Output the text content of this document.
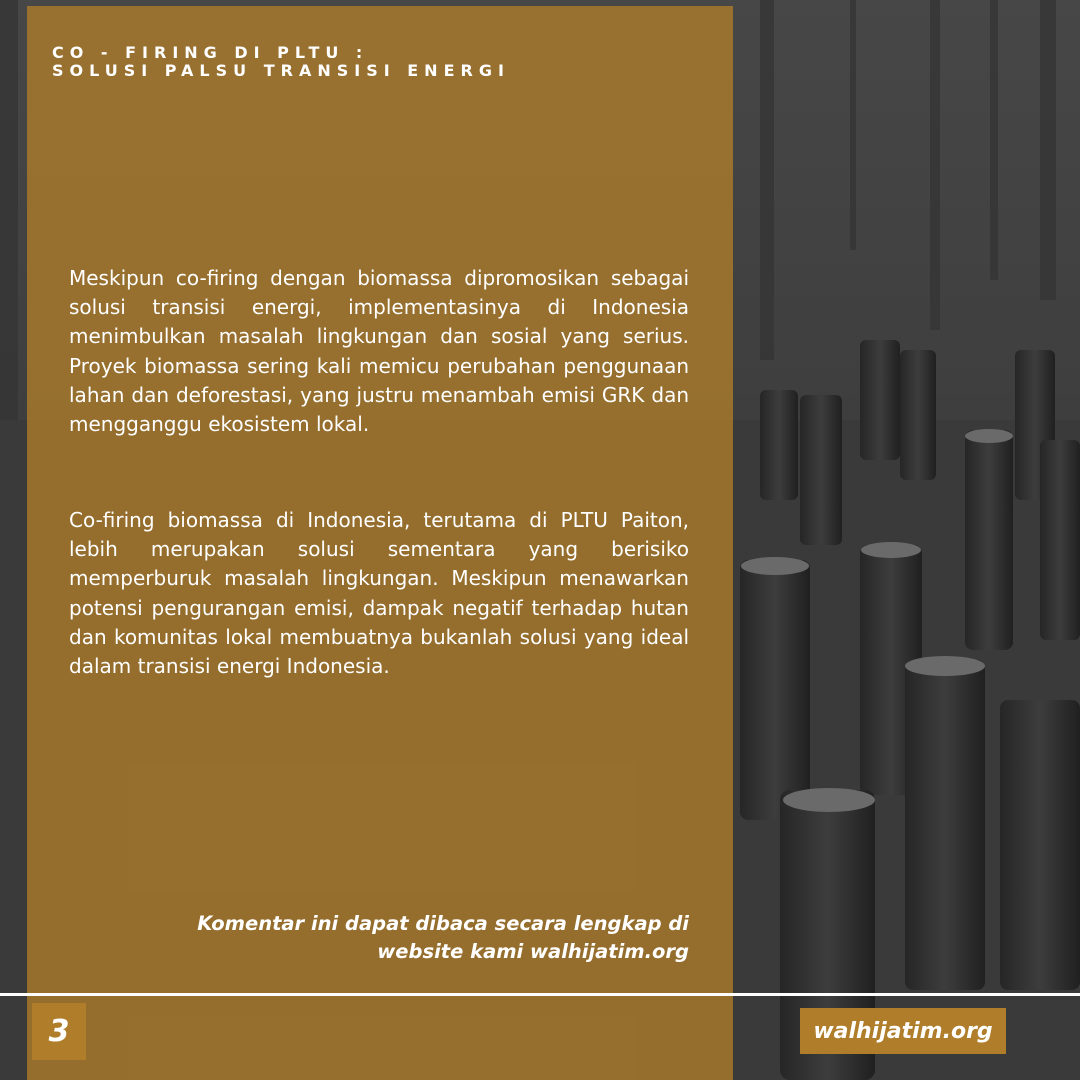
CO - FIRING DI PLTU :
SOLUSI PALSU TRANSISI ENERGI

Meskipun co-firing dengan biomassa dipromosikan sebagai solusi transisi energi, implementasinya di Indonesia menimbulkan masalah lingkungan dan sosial yang serius. Proyek biomassa sering kali memicu perubahan penggunaan lahan dan deforestasi, yang justru menambah emisi GRK dan mengganggu ekosistem lokal.

Co-firing biomassa di Indonesia, terutama di PLTU Paiton, lebih merupakan solusi sementara yang berisiko memperburuk masalah lingkungan. Meskipun menawarkan potensi pengurangan emisi, dampak negatif terhadap hutan dan komunitas lokal membuatnya bukanlah solusi yang ideal dalam transisi energi Indonesia.

Komentar ini dapat dibaca secara lengkap di
website kami walhijatim.org
3	walhijatim.org
